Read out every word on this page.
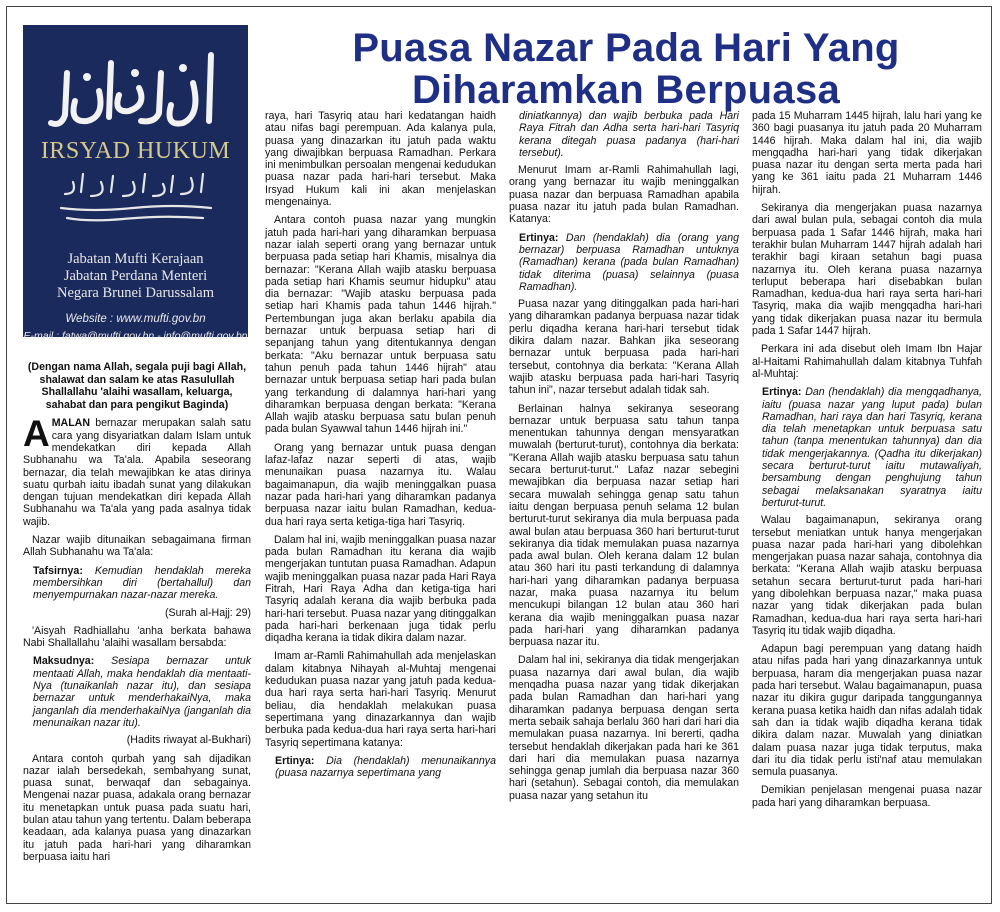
IRSYAD HUKUM
Jabatan Mufti Kerajaan
Jabatan Perdana Menteri
Negara Brunei Darussalam
Website : www.mufti.gov.bn
E-mail : fatwa@mufti.gov.bn - info@mufti.gov.bn
Puasa Nazar Pada Hari Yang
Diharamkan Berpuasa

(Dengan nama Allah, segala puji bagi Allah, shalawat dan salam ke atas Rasulullah Shallallahu 'alaihi wasallam, keluarga, sahabat dan para pengikut Baginda)

AMALAN bernazar merupakan salah satu cara yang disyariatkan dalam Islam untuk mendekatkan diri kepada Allah Subhanahu wa Ta'ala. Apabila seseorang bernazar, dia telah mewajibkan ke atas dirinya suatu qurbah iaitu ibadah sunat yang dilakukan dengan tujuan mendekatkan diri kepada Allah Subhanahu wa Ta'ala yang pada asalnya tidak wajib.

Nazar wajib ditunaikan sebagaimana firman Allah Subhanahu wa Ta'ala:

Tafsirnya: Kemudian hendaklah mereka membersihkan diri (bertahallul) dan menyempurnakan nazar-nazar mereka.

(Surah al-Hajj: 29)

'Aisyah Radhiallahu 'anha berkata bahawa Nabi Shallallahu 'alaihi wasallam bersabda:

Maksudnya: Sesiapa bernazar untuk mentaati Allah, maka hendaklah dia mentaati-Nya (tunaikanlah nazar itu), dan sesiapa bernazar untuk menderhakaiNya, maka janganlah dia menderhakaiNya (janganlah dia menunaikan nazar itu).

(Hadits riwayat al-Bukhari)

Antara contoh qurbah yang sah dijadikan nazar ialah bersedekah, sembahyang sunat, puasa sunat, berwaqaf dan sebagainya. Mengenai nazar puasa, adakala orang bernazar itu menetapkan untuk puasa pada suatu hari, bulan atau tahun yang tertentu. Dalam beberapa keadaan, ada kalanya puasa yang dinazarkan itu jatuh pada hari-hari yang diharamkan berpuasa iaitu hari

raya, hari Tasyriq atau hari kedatangan haidh atau nifas bagi perempuan. Ada kalanya pula, puasa yang dinazarkan itu jatuh pada waktu yang diwajibkan berpuasa Ramadhan. Perkara ini menimbulkan persoalan mengenai kedudukan puasa nazar pada hari-hari tersebut. Maka Irsyad Hukum kali ini akan menjelaskan mengenainya.

Antara contoh puasa nazar yang mungkin jatuh pada hari-hari yang diharamkan berpuasa nazar ialah seperti orang yang bernazar untuk berpuasa pada setiap hari Khamis, misalnya dia bernazar: "Kerana Allah wajib atasku berpuasa pada setiap hari Khamis seumur hidupku" atau dia bernazar: "Wajib atasku berpuasa pada setiap hari Khamis pada tahun 1446 hijrah." Pertembungan juga akan berlaku apabila dia bernazar untuk berpuasa setiap hari di sepanjang tahun yang ditentukannya dengan berkata: "Aku bernazar untuk berpuasa satu tahun penuh pada tahun 1446 hijrah" atau bernazar untuk berpuasa setiap hari pada bulan yang terkandung di dalamnya hari-hari yang diharamkan berpuasa dengan berkata: "Kerana Allah wajib atasku berpuasa satu bulan penuh pada bulan Syawwal tahun 1446 hijrah ini."

Orang yang bernazar untuk puasa dengan lafaz-lafaz nazar seperti di atas, wajib menunaikan puasa nazarnya itu. Walau bagaimanapun, dia wajib meninggalkan puasa nazar pada hari-hari yang diharamkan padanya berpuasa nazar iaitu bulan Ramadhan, kedua-dua hari raya serta ketiga-tiga hari Tasyriq.

Dalam hal ini, wajib meninggalkan puasa nazar pada bulan Ramadhan itu kerana dia wajib mengerjakan tuntutan puasa Ramadhan. Adapun wajib meninggalkan puasa nazar pada Hari Raya Fitrah, Hari Raya Adha dan ketiga-tiga hari Tasyriq adalah kerana dia wajib berbuka pada hari-hari tersebut. Puasa nazar yang ditinggalkan pada hari-hari berkenaan juga tidak perlu diqadha kerana ia tidak dikira dalam nazar.

Imam ar-Ramli Rahimahullah ada menjelaskan dalam kitabnya Nihayah al-Muhtaj mengenai kedudukan puasa nazar yang jatuh pada kedua-dua hari raya serta hari-hari Tasyriq. Menurut beliau, dia hendaklah melakukan puasa sepertimana yang dinazarkannya dan wajib berbuka pada kedua-dua hari raya serta hari-hari Tasyriq sepertimana katanya:

Ertinya: Dia (hendaklah) menunaikannya (puasa nazarnya sepertimana yang

diniatkannya) dan wajib berbuka pada Hari Raya Fitrah dan Adha serta hari-hari Tasyriq kerana ditegah puasa padanya (hari-hari tersebut).

Menurut Imam ar-Ramli Rahimahullah lagi, orang yang bernazar itu wajib meninggalkan puasa nazar dan berpuasa Ramadhan apabila puasa nazar itu jatuh pada bulan Ramadhan. Katanya:

Ertinya: Dan (hendaklah) dia (orang yang bernazar) berpuasa Ramadhan untuknya (Ramadhan) kerana (pada bulan Ramadhan) tidak diterima (puasa) selainnya (puasa Ramadhan).

Puasa nazar yang ditinggalkan pada hari-hari yang diharamkan padanya berpuasa nazar tidak perlu diqadha kerana hari-hari tersebut tidak dikira dalam nazar. Bahkan jika seseorang bernazar untuk berpuasa pada hari-hari tersebut, contohnya dia berkata: "Kerana Allah wajib atasku berpuasa pada hari-hari Tasyriq tahun ini", nazar tersebut adalah tidak sah.

Berlainan halnya sekiranya seseorang bernazar untuk berpuasa satu tahun tanpa menentukan tahunnya dengan mensyaratkan muwalah (berturut-turut), contohnya dia berkata: "Kerana Allah wajib atasku berpuasa satu tahun secara berturut-turut." Lafaz nazar sebegini mewajibkan dia berpuasa nazar setiap hari secara muwalah sehingga genap satu tahun iaitu dengan berpuasa penuh selama 12 bulan berturut-turut sekiranya dia mula berpuasa pada awal bulan atau berpuasa 360 hari berturut-turut sekiranya dia tidak memulakan puasa nazarnya pada awal bulan. Oleh kerana dalam 12 bulan atau 360 hari itu pasti terkandung di dalamnya hari-hari yang diharamkan padanya berpuasa nazar, maka puasa nazarnya itu belum mencukupi bilangan 12 bulan atau 360 hari kerana dia wajib meninggalkan puasa nazar pada hari-hari yang diharamkan padanya berpuasa nazar itu.

Dalam hal ini, sekiranya dia tidak mengerjakan puasa nazarnya dari awal bulan, dia wajib menqadha puasa nazar yang tidak dikerjakan pada bulan Ramadhan dan hari-hari yang diharamkan padanya berpuasa dengan serta merta sebaik sahaja berlalu 360 hari dari hari dia memulakan puasa nazarnya. Ini bererti, qadha tersebut hendaklah dikerjakan pada hari ke 361 dari hari dia memulakan puasa nazarnya sehingga genap jumlah dia berpuasa nazar 360 hari (setahun). Sebagai contoh, dia memulakan puasa nazar yang setahun itu

pada 15 Muharram 1445 hijrah, lalu hari yang ke 360 bagi puasanya itu jatuh pada 20 Muharram 1446 hijrah. Maka dalam hal ini, dia wajib mengqadha hari-hari yang tidak dikerjakan puasa nazar itu dengan serta merta pada hari yang ke 361 iaitu pada 21 Muharram 1446 hijrah.

Sekiranya dia mengerjakan puasa nazarnya dari awal bulan pula, sebagai contoh dia mula berpuasa pada 1 Safar 1446 hijrah, maka hari terakhir bulan Muharram 1447 hijrah adalah hari terakhir bagi kiraan setahun bagi puasa nazarnya itu. Oleh kerana puasa nazarnya terluput beberapa hari disebabkan bulan Ramadhan, kedua-dua hari raya serta hari-hari Tasyriq, maka dia wajib mengqadha hari-hari yang tidak dikerjakan puasa nazar itu bermula pada 1 Safar 1447 hijrah.

Perkara ini ada disebut oleh Imam Ibn Hajar al-Haitami Rahimahullah dalam kitabnya Tuhfah al-Muhtaj:

Ertinya: Dan (hendaklah) dia mengqadhanya, iaitu (puasa nazar yang luput pada) bulan Ramadhan, hari raya dan hari Tasyriq, kerana dia telah menetapkan untuk berpuasa satu tahun (tanpa menentukan tahunnya) dan dia tidak mengerjakannya. (Qadha itu dikerjakan) secara berturut-turut iaitu mutawaliyah, bersambung dengan penghujung tahun sebagai melaksanakan syaratnya iaitu berturut-turut.

Walau bagaimanapun, sekiranya orang tersebut meniatkan untuk hanya mengerjakan puasa nazar pada hari-hari yang dibolehkan mengerjakan puasa nazar sahaja, contohnya dia berkata: "Kerana Allah wajib atasku berpuasa setahun secara berturut-turut pada hari-hari yang dibolehkan berpuasa nazar," maka puasa nazar yang tidak dikerjakan pada bulan Ramadhan, kedua-dua hari raya serta hari-hari Tasyriq itu tidak wajib diqadha.

Adapun bagi perempuan yang datang haidh atau nifas pada hari yang dinazarkannya untuk berpuasa, haram dia mengerjakan puasa nazar pada hari tersebut. Walau bagaimanapun, puasa nazar itu dikira gugur daripada tanggungannya kerana puasa ketika haidh dan nifas adalah tidak sah dan ia tidak wajib diqadha kerana tidak dikira dalam nazar. Muwalah yang diniatkan dalam puasa nazar juga tidak terputus, maka dari itu dia tidak perlu isti'naf atau memulakan semula puasanya.

Demikian penjelasan mengenai puasa nazar pada hari yang diharamkan berpuasa.
